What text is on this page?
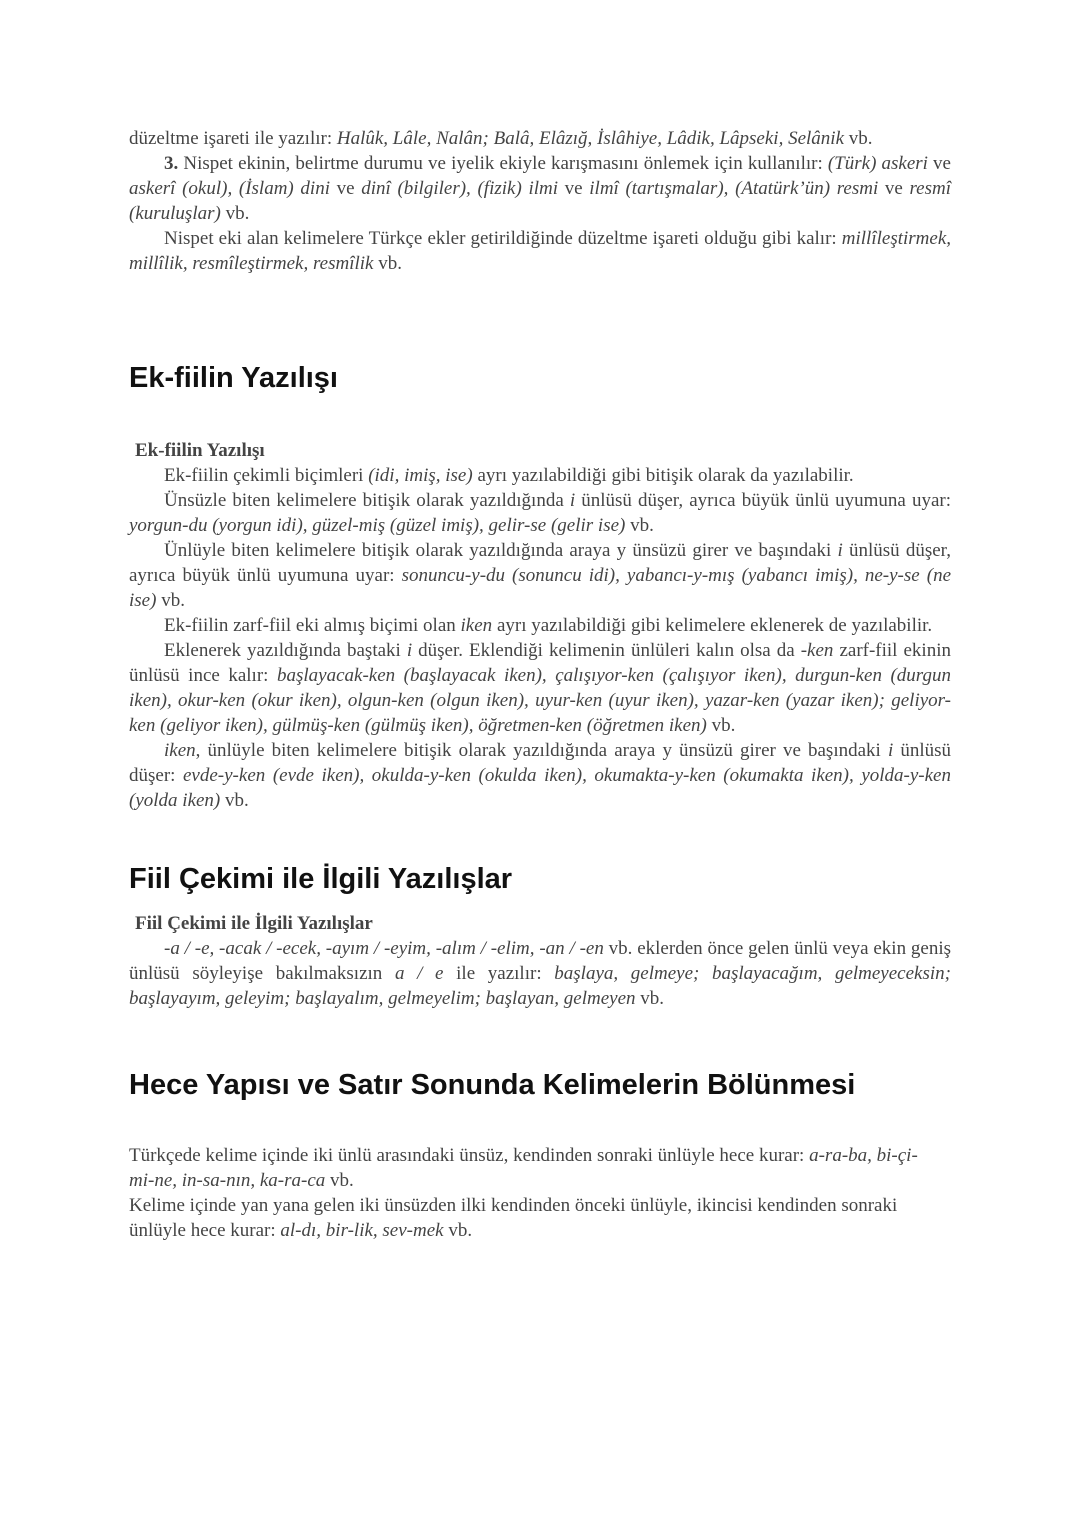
düzeltme işareti ile yazılır: Halûk, Lâle, Nalân; Balâ, Elâzığ, İslâhiye, Lâdik, Lâpseki, Selânik vb.

3. Nispet ekinin, belirtme durumu ve iyelik ekiyle karışmasını önlemek için kullanılır: (Türk) askeri ve askerî (okul), (İslam) dini ve dinî (bilgiler), (fizik) ilmi ve ilmî (tartışmalar), (Atatürk’ün) resmi ve resmî (kuruluşlar) vb.

Nispet eki alan kelimelere Türkçe ekler getirildiğinde düzeltme işareti olduğu gibi kalır: millîleştirmek, millîlik, resmîleştirmek, resmîlik vb.

Ek-fiilin Yazılışı
Ek-fiilin Yazılışı

Ek-fiilin çekimli biçimleri (idi, imiş, ise) ayrı yazılabildiği gibi bitişik olarak da yazılabilir.

Ünsüzle biten kelimelere bitişik olarak yazıldığında i ünlüsü düşer, ayrıca büyük ünlü uyumuna uyar: yorgun-du (yorgun idi), güzel-miş (güzel imiş), gelir-se (gelir ise) vb.

Ünlüyle biten kelimelere bitişik olarak yazıldığında araya y ünsüzü girer ve başındaki i ünlüsü düşer, ayrıca büyük ünlü uyumuna uyar: sonuncu-y-du (sonuncu idi), yabancı-y-mış (yabancı imiş), ne-y-se (ne ise) vb.

Ek-fiilin zarf-fiil eki almış biçimi olan iken ayrı yazılabildiği gibi kelimelere eklenerek de yazılabilir.

Eklenerek yazıldığında baştaki i düşer. Eklendiği kelimenin ünlüleri kalın olsa da -ken zarf-fiil ekinin ünlüsü ince kalır: başlayacak-ken (başlayacak iken), çalışıyor-ken (çalışıyor iken), durgun-ken (durgun iken), okur-ken (okur iken), olgun-ken (olgun iken), uyur-ken (uyur iken), yazar-ken (yazar iken); geliyor-ken (geliyor iken), gülmüş-ken (gülmüş iken), öğretmen-ken (öğretmen iken) vb.

iken, ünlüyle biten kelimelere bitişik olarak yazıldığında araya y ünsüzü girer ve başındaki i ünlüsü düşer: evde-y-ken (evde iken), okulda-y-ken (okulda iken), okumakta-y-ken (okumakta iken), yolda-y-ken (yolda iken) vb.

Fiil Çekimi ile İlgili Yazılışlar
Fiil Çekimi ile İlgili Yazılışlar

-a / -e, -acak / -ecek, -ayım / -eyim, -alım / -elim, -an / -en vb. eklerden önce gelen ünlü veya ekin geniş ünlüsü söyleyişe bakılmaksızın a / e ile yazılır: başlaya, gelmeye; başlayacağım, gelmeyeceksin; başlayayım, geleyim; başlayalım, gelmeyelim; başlayan, gelmeyen vb.

Hece Yapısı ve Satır Sonunda Kelimelerin Bölünmesi

Türkçede kelime içinde iki ünlü arasındaki ünsüz, kendinden sonraki ünlüyle hece kurar: a-ra-ba, bi-çi-mi-ne, in-sa-nın, ka-ra-ca vb.

Kelime içinde yan yana gelen iki ünsüzden ilki kendinden önceki ünlüyle, ikincisi kendinden sonraki ünlüyle hece kurar: al-dı, bir-lik, sev-mek vb.
